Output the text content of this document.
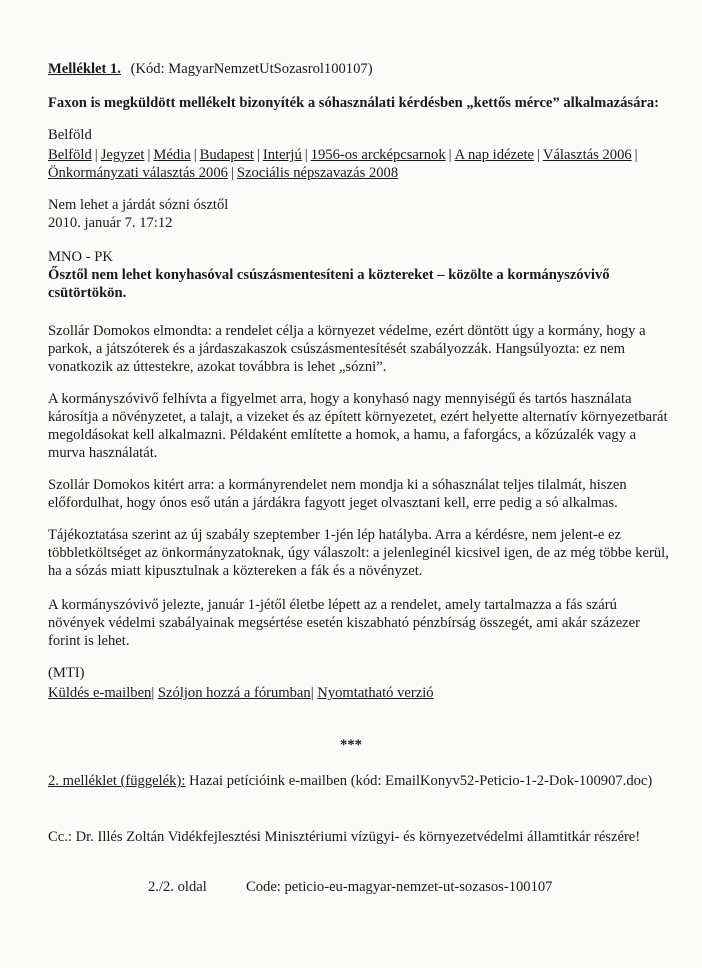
Melléklet 1. (Kód: MagyarNemzetUtSozasrol100107)
Faxon is megküldött mellékelt bizonyíték a sóhasználati kérdésben „kettős mérce” alkalmazására:
Belföld
Belföld | Jegyzet | Média | Budapest | Interjú | 1956-os arcképcsarnok | A nap idézete | Választás 2006 |
Önkormányzati választás 2006 | Szociális népszavazás 2008
Nem lehet a járdát sózni ósztől
2010. január 7. 17:12
MNO - PK
Ősztől nem lehet konyhasóval csúszásmentesíteni a köztereket – közölte a kormányszóvivő csütörtökön.

Szollár Domokos elmondta: a rendelet célja a környezet védelme, ezért döntött úgy a kormány, hogy a parkok, a játszóterek és a járdaszakaszok csúszásmentesítését szabályozzák. Hangsúlyozta: ez nem vonatkozik az úttestekre, azokat továbbra is lehet „sózni”.

A kormányszóvivő felhívta a figyelmet arra, hogy a konyhasó nagy mennyiségű és tartós használata károsítja a növényzetet, a talajt, a vizeket és az épített környezetet, ezért helyette alternatív környezetbarát megoldásokat kell alkalmazni. Példaként említette a homok, a hamu, a faforgács, a kőzúzalék vagy a murva használatát.

Szollár Domokos kitért arra: a kormányrendelet nem mondja ki a sóhasználat teljes tilalmát, hiszen előfordulhat, hogy ónos eső után a járdákra fagyott jeget olvasztani kell, erre pedig a só alkalmas.

Tájékoztatása szerint az új szabály szeptember 1-jén lép hatályba. Arra a kérdésre, nem jelent-e ez többletköltséget az önkormányzatoknak, úgy válaszolt: a jelenleginél kicsivel igen, de az még többe kerül, ha a sózás miatt kipusztulnak a köztereken a fák és a növényzet.

A kormányszóvivő jelezte, január 1-jétől életbe lépett az a rendelet, amely tartalmazza a fás szárú növények védelmi szabályainak megsértése esetén kiszabható pénzbírság összegét, ami akár százezer forint is lehet.

(MTI)
Küldés e-mailben| Szóljon hozzá a fórumban| Nyomtatható verzió
***
2. melléklet (függelék): Hazai petícióink e-mailben (kód: EmailKonyv52-Peticio-1-2-Dok-100907.doc)
Cc.: Dr. Illés Zoltán Vidékfejlesztési Minisztériumi vízügyi- és környezetvédelmi államtitkár részére!
2./2. oldal	Code: peticio-eu-magyar-nemzet-ut-sozasos-100107
